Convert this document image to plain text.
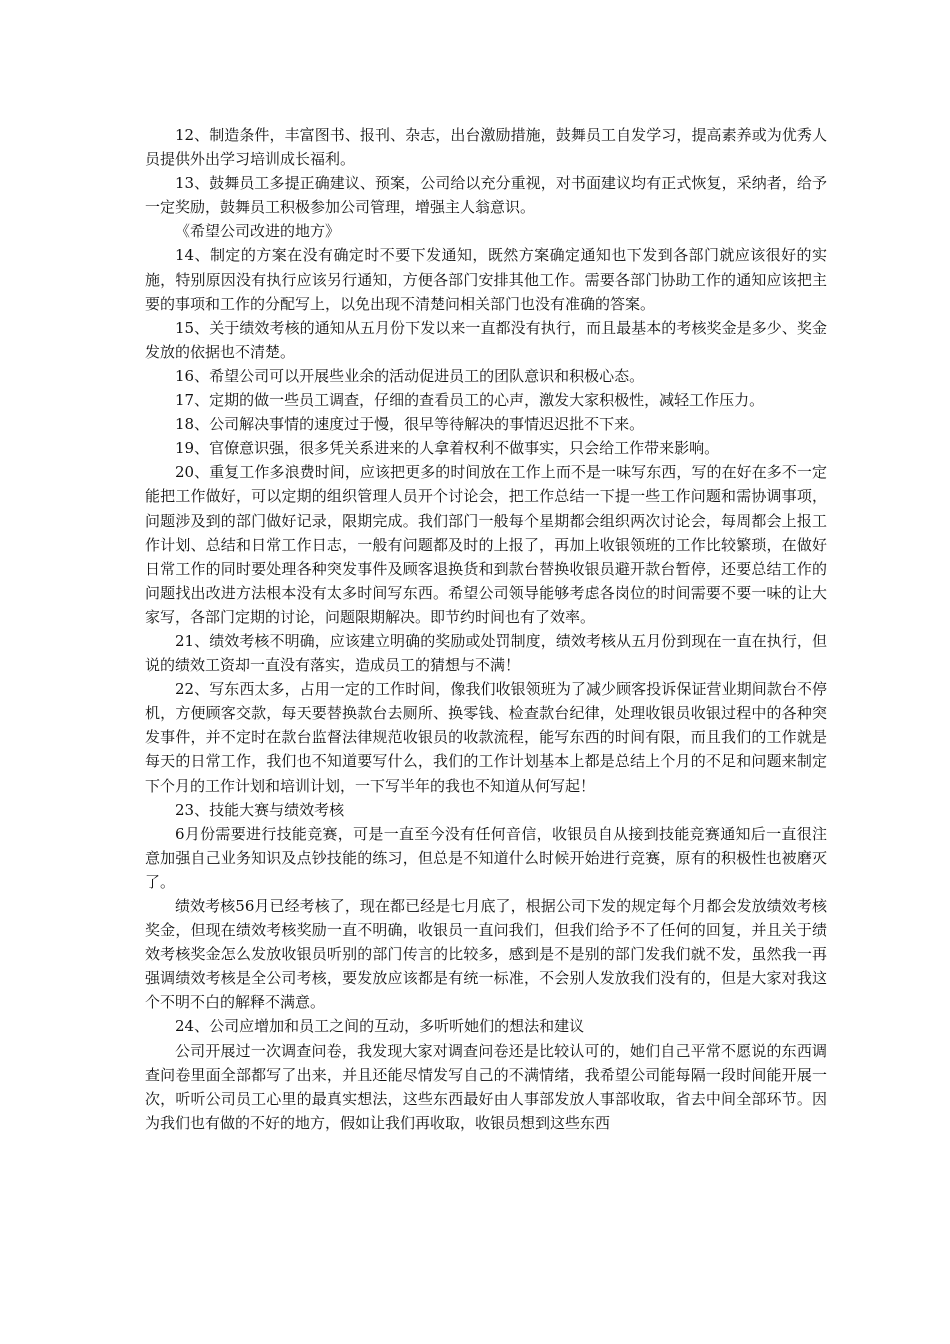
12、制造条件，丰富图书、报刊、杂志，出台激励措施，鼓舞员工自发学习，提高素养或为优秀人员提供外出学习培训成长福利。

13、鼓舞员工多提正确建议、预案，公司给以充分重视，对书面建议均有正式恢复，采纳者，给予一定奖励，鼓舞员工积极参加公司管理，增强主人翁意识。

《希望公司改进的地方》

14、制定的方案在没有确定时不要下发通知，既然方案确定通知也下发到各部门就应该很好的实施，特别原因没有执行应该另行通知，方便各部门安排其他工作。需要各部门协助工作的通知应该把主要的事项和工作的分配写上，以免出现不清楚问相关部门也没有准确的答案。

15、关于绩效考核的通知从五月份下发以来一直都没有执行，而且最基本的考核奖金是多少、奖金发放的依据也不清楚。

16、希望公司可以开展些业余的活动促进员工的团队意识和积极心态。

17、定期的做一些员工调查，仔细的查看员工的心声，激发大家积极性，减轻工作压力。

18、公司解决事情的速度过于慢，很早等待解决的事情迟迟批不下来。

19、官僚意识强，很多凭关系进来的人拿着权利不做事实，只会给工作带来影响。

20、重复工作多浪费时间，应该把更多的时间放在工作上而不是一味写东西，写的在好在多不一定能把工作做好，可以定期的组织管理人员开个讨论会，把工作总结一下提一些工作问题和需协调事项，问题涉及到的部门做好记录，限期完成。我们部门一般每个星期都会组织两次讨论会，每周都会上报工作计划、总结和日常工作日志，一般有问题都及时的上报了，再加上收银领班的工作比较繁琐，在做好日常工作的同时要处理各种突发事件及顾客退换货和到款台替换收银员避开款台暂停，还要总结工作的问题找出改进方法根本没有太多时间写东西。希望公司领导能够考虑各岗位的时间需要不要一味的让大家写，各部门定期的讨论，问题限期解决。即节约时间也有了效率。

21、绩效考核不明确，应该建立明确的奖励或处罚制度，绩效考核从五月份到现在一直在执行，但说的绩效工资却一直没有落实，造成员工的猜想与不满！

22、写东西太多，占用一定的工作时间，像我们收银领班为了减少顾客投诉保证营业期间款台不停机，方便顾客交款，每天要替换款台去厕所、换零钱、检查款台纪律，处理收银员收银过程中的各种突发事件，并不定时在款台监督法律规范收银员的收款流程，能写东西的时间有限，而且我们的工作就是每天的日常工作，我们也不知道要写什么，我们的工作计划基本上都是总结上个月的不足和问题来制定下个月的工作计划和培训计划，一下写半年的我也不知道从何写起！

23、技能大赛与绩效考核

6月份需要进行技能竞赛，可是一直至今没有任何音信，收银员自从接到技能竞赛通知后一直很注意加强自己业务知识及点钞技能的练习，但总是不知道什么时候开始进行竞赛，原有的积极性也被磨灭了。

绩效考核56月已经考核了，现在都已经是七月底了，根据公司下发的规定每个月都会发放绩效考核奖金，但现在绩效考核奖励一直不明确，收银员一直问我们，但我们给予不了任何的回复，并且关于绩效考核奖金怎么发放收银员听别的部门传言的比较多，感到是不是别的部门发我们就不发，虽然我一再强调绩效考核是全公司考核，要发放应该都是有统一标准，不会别人发放我们没有的，但是大家对我这个不明不白的解释不满意。

24、公司应增加和员工之间的互动，多听听她们的想法和建议

公司开展过一次调查问卷，我发现大家对调查问卷还是比较认可的，她们自己平常不愿说的东西调查问卷里面全部都写了出来，并且还能尽情发写自己的不满情绪，我希望公司能每隔一段时间能开展一次，听听公司员工心里的最真实想法，这些东西最好由人事部发放人事部收取，省去中间全部环节。因为我们也有做的不好的地方，假如让我们再收取，收银员想到这些东西
